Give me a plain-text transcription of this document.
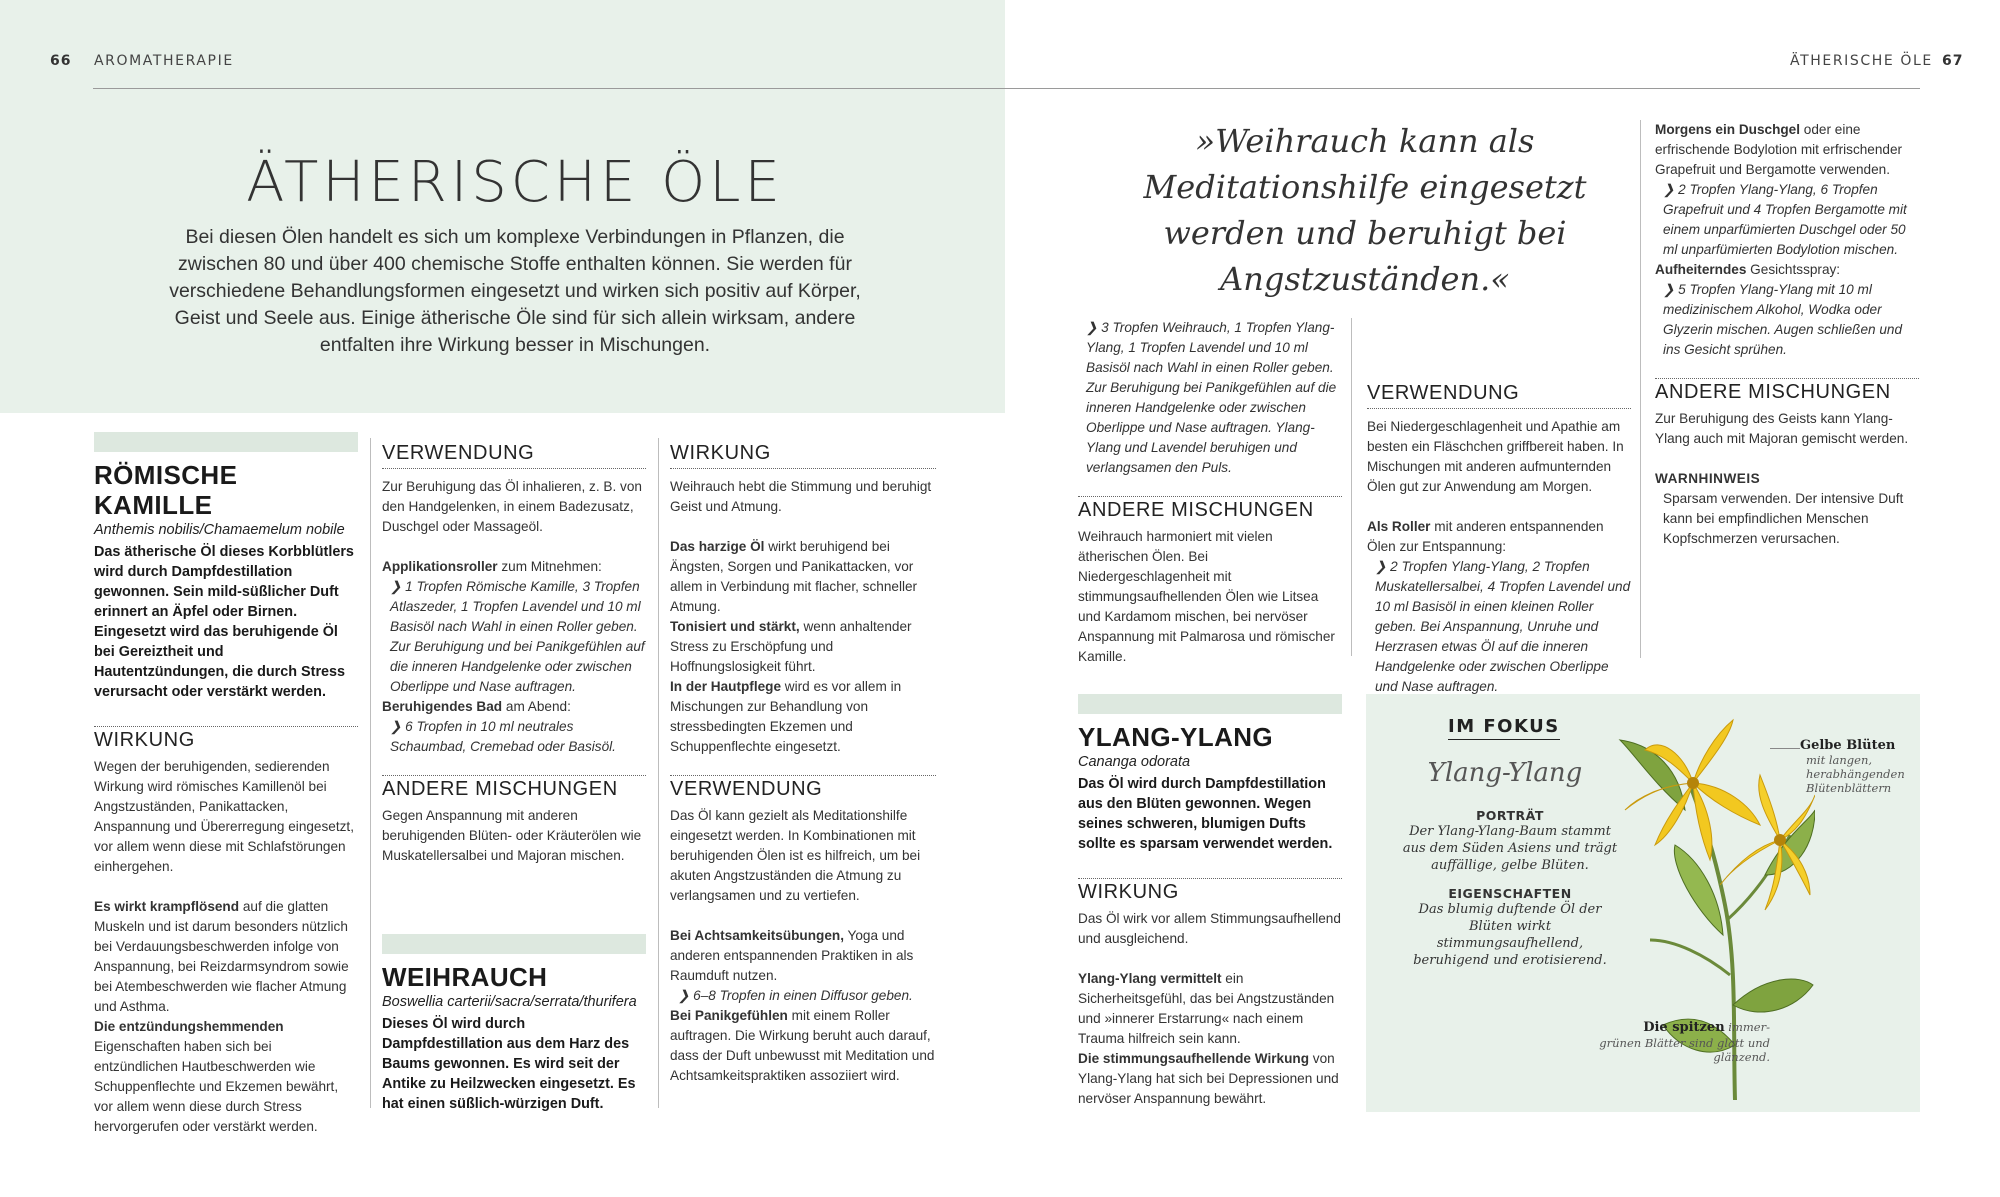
66 AROMATHERAPIE	ÄTHERISCHE ÖLE 67
ÄTHERISCHE ÖLE
Bei diesen Ölen handelt es sich um komplexe Verbindungen in Pflanzen, die zwischen 80 und über 400 chemische Stoffe enthalten können. Sie werden für verschiedene Behandlungsformen eingesetzt und wirken sich positiv auf Körper, Geist und Seele aus. Einige ätherische Öle sind für sich allein wirksam, andere entfalten ihre Wirkung besser in Mischungen.
RÖMISCHE KAMILLE
Anthemis nobilis/Chamaemelum nobile
Das ätherische Öl dieses Korbblütlers wird durch Dampfdestillation gewonnen. Sein mild-süßlicher Duft erinnert an Äpfel oder Birnen. Eingesetzt wird das beruhigende Öl bei Gereiztheit und Hautentzündungen, die durch Stress verursacht oder verstärkt werden.
WIRKUNG

Wegen der beruhigenden, sedierenden Wirkung wird römisches Kamillenöl bei Angstzuständen, Panikattacken, Anspannung und Übererregung eingesetzt, vor allem wenn diese mit Schlafstörungen einhergehen.

Es wirkt krampflösend auf die glatten Muskeln und ist darum besonders nützlich bei Verdauungsbeschwerden infolge von Anspannung, bei Reizdarmsyndrom sowie bei Atembeschwerden wie flacher Atmung und Asthma.

Die entzündungshemmenden Eigenschaften haben sich bei entzündlichen Hautbeschwerden wie Schuppenflechte und Ekzemen bewährt, vor allem wenn diese durch Stress hervorgerufen oder verstärkt werden.

VERWENDUNG

Zur Beruhigung das Öl inhalieren, z. B. von den Handgelenken, in einem Badezusatz, Duschgel oder Massageöl.

Applikationsroller zum Mitnehmen:

❯ 1 Tropfen Römische Kamille, 3 Tropfen Atlaszeder, 1 Tropfen Lavendel und 10 ml Basisöl nach Wahl in einen Roller geben. Zur Beruhigung und bei Panikgefühlen auf die inneren Handgelenke oder zwischen Oberlippe und Nase auftragen.

Beruhigendes Bad am Abend:

❯ 6 Tropfen in 10 ml neutrales Schaumbad, Cremebad oder Basisöl.

ANDERE MISCHUNGEN

Gegen Anspannung mit anderen beruhigenden Blüten- oder Kräuterölen wie Muskatellersalbei und Majoran mischen.

WEIHRAUCH
Boswellia carterii/sacra/serrata/thurifera
Dieses Öl wird durch Dampfdestillation aus dem Harz des Baums gewonnen. Es wird seit der Antike zu Heilzwecken eingesetzt. Es hat einen süßlich-würzigen Duft.
WIRKUNG

Weihrauch hebt die Stimmung und beruhigt Geist und Atmung.

Das harzige Öl wirkt beruhigend bei Ängsten, Sorgen und Panikattacken, vor allem in Verbindung mit flacher, schneller Atmung.

Tonisiert und stärkt, wenn anhaltender Stress zu Erschöpfung und Hoffnungslosigkeit führt.

In der Hautpflege wird es vor allem in Mischungen zur Behandlung von stressbedingten Ekzemen und Schuppenflechte eingesetzt.

VERWENDUNG

Das Öl kann gezielt als Meditationshilfe eingesetzt werden. In Kombinationen mit beruhigenden Ölen ist es hilfreich, um bei akuten Angstzuständen die Atmung zu verlangsamen und zu vertiefen.

Bei Achtsamkeitsübungen, Yoga und anderen entspannenden Praktiken in als Raumduft nutzen.

❯ 6–8 Tropfen in einen Diffusor geben.

Bei Panikgefühlen mit einem Roller auftragen. Die Wirkung beruht auch darauf, dass der Duft unbewusst mit Meditation und Achtsamkeitspraktiken assoziiert wird.

»Weihrauch kann als Meditationshilfe eingesetzt werden und beruhigt bei Angstzuständen.«

❯ 3 Tropfen Weihrauch, 1 Tropfen Ylang-Ylang, 1 Tropfen Lavendel und 10 ml Basisöl nach Wahl in einen Roller geben. Zur Beruhigung bei Panikgefühlen auf die inneren Handgelenke oder zwischen Oberlippe und Nase auftragen. Ylang-Ylang und Lavendel beruhigen und verlangsamen den Puls.

ANDERE MISCHUNGEN

Weihrauch harmoniert mit vielen ätherischen Ölen. Bei Niedergeschlagenheit mit stimmungsaufhellenden Ölen wie Litsea und Kardamom mischen, bei nervöser Anspannung mit Palmarosa und römischer Kamille.

YLANG-YLANG
Cananga odorata
Das Öl wird durch Dampfdestillation aus den Blüten gewonnen. Wegen seines schweren, blumigen Dufts sollte es sparsam verwendet werden.
WIRKUNG

Das Öl wirk vor allem Stimmungsaufhellend und ausgleichend.

Ylang-Ylang vermittelt ein Sicherheitsgefühl, das bei Angstzuständen und »innerer Erstarrung« nach einem Trauma hilfreich sein kann.

Die stimmungsaufhellende Wirkung von Ylang-Ylang hat sich bei Depressionen und nervöser Anspannung bewährt.

VERWENDUNG

Bei Niedergeschlagenheit und Apathie am besten ein Fläschchen griffbereit haben. In Mischungen mit anderen aufmunternden Ölen gut zur Anwendung am Morgen.

Als Roller mit anderen entspannenden Ölen zur Entspannung:

❯ 2 Tropfen Ylang-Ylang, 2 Tropfen Muskatellersalbei, 4 Tropfen Lavendel und 10 ml Basisöl in einen kleinen Roller geben. Bei Anspannung, Unruhe und Herzrasen etwas Öl auf die inneren Handgelenke oder zwischen Oberlippe und Nase auftragen.

Morgens ein Duschgel oder eine erfrischende Bodylotion mit erfrischender Grapefruit und Bergamotte verwenden.

❯ 2 Tropfen Ylang-Ylang, 6 Tropfen Grapefruit und 4 Tropfen Bergamotte mit einem unparfümierten Duschgel oder 50 ml unparfümierten Bodylotion mischen.

Aufheiterndes Gesichtsspray:

❯ 5 Tropfen Ylang-Ylang mit 10 ml medizinischem Alkohol, Wodka oder Glyzerin mischen. Augen schließen und ins Gesicht sprühen.

ANDERE MISCHUNGEN

Zur Beruhigung des Geists kann Ylang-Ylang auch mit Majoran gemischt werden.

WARNHINWEIS

Sparsam verwenden. Der intensive Duft kann bei empfindlichen Menschen Kopfschmerzen verursachen.

IM FOKUS
Ylang-Ylang
PORTRÄT
Der Ylang-Ylang-Baum stammt aus dem Süden Asiens und trägt auffällige, gelbe Blüten.
EIGENSCHAFTEN
Das blumig duftende Öl der Blüten wirkt stimmungsaufhellend, beruhigend und erotisierend.
Gelbe Blüten
mit langen, herabhängenden Blütenblättern
Die spitzen immer-
grünen Blätter sind glatt und glänzend.
